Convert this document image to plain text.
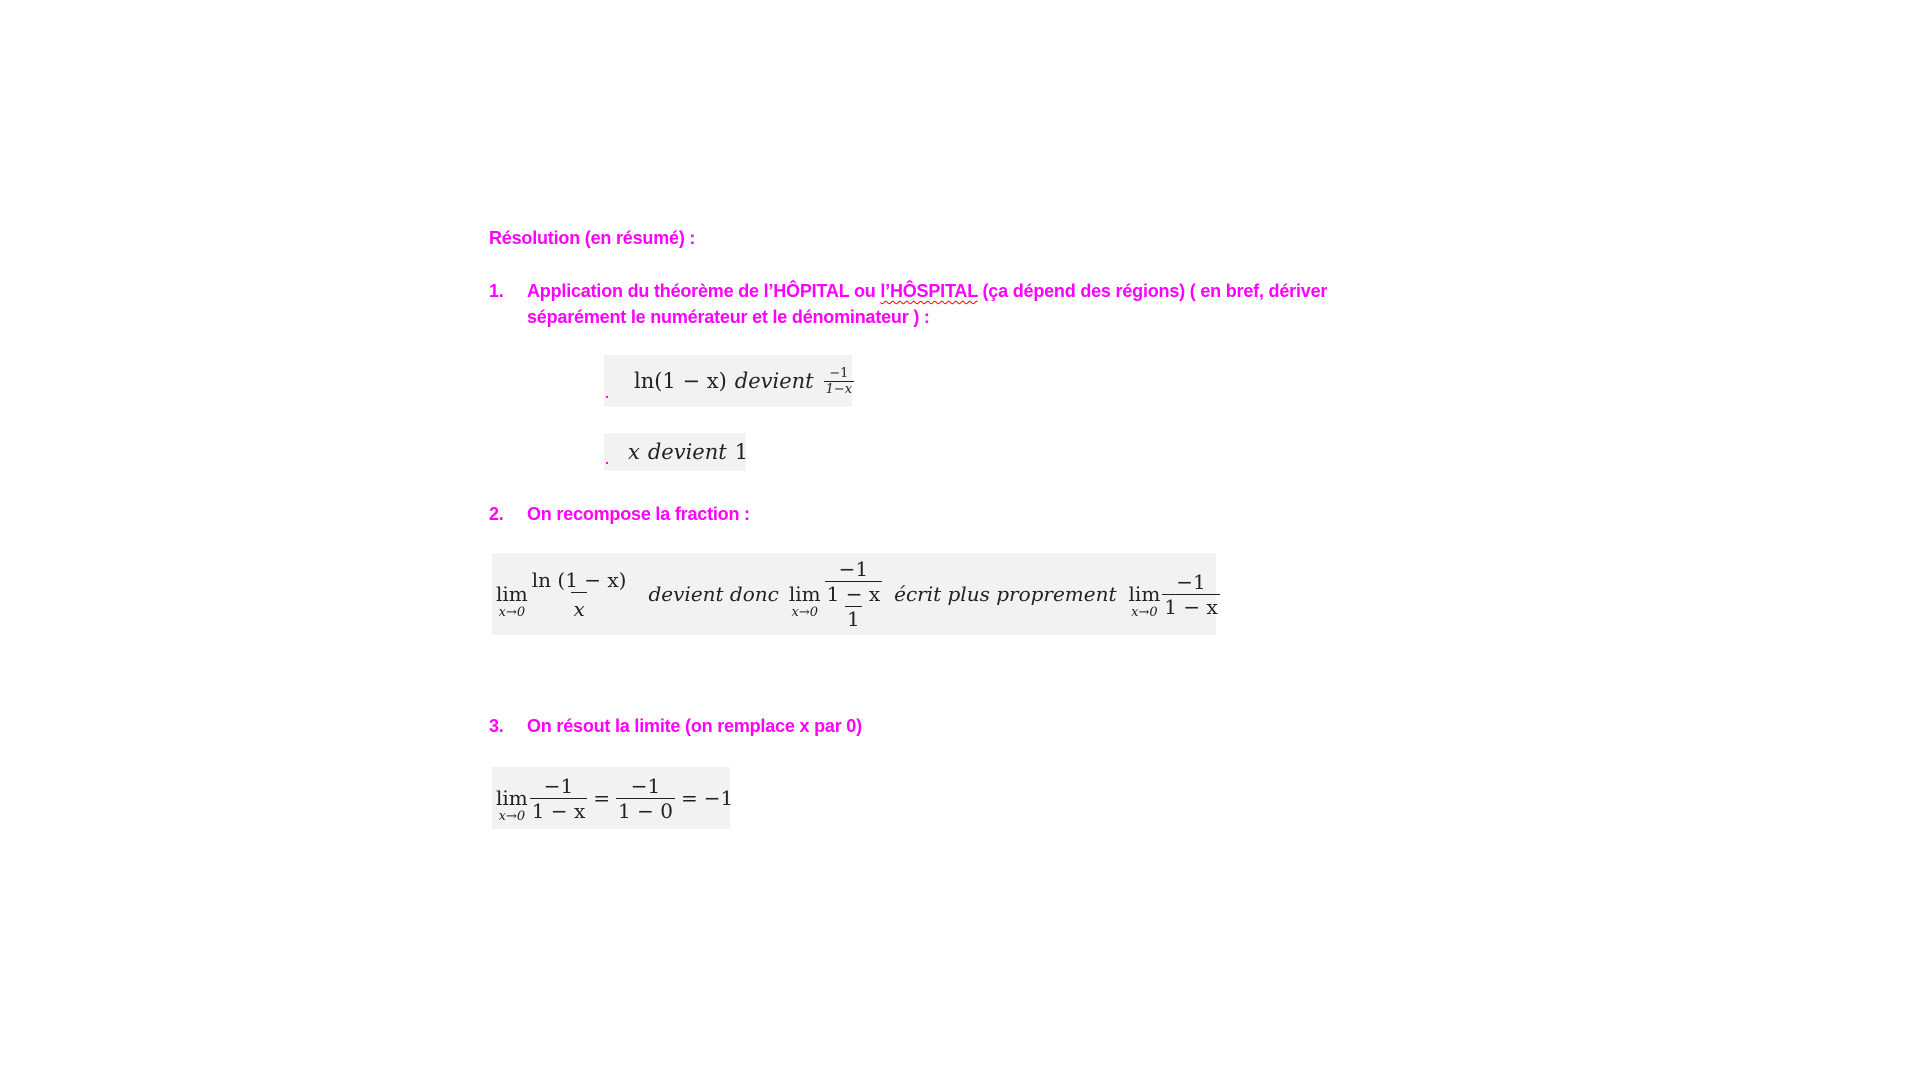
Résolution (en résumé) :
1. Application du théorème de l’HÔPITAL ou l’HÔSPITAL (ça dépend des régions) ( en bref, dériver séparément le numérateur et le dénominateur ) :
. ln(1 − x) devient $\frac{-1}{1-x}$
. x devient 1
2. On recompose la fraction :
lim
$x\to 0 \frac{\ln (1 - x)}{x}$ devient donc lim
$x\to 0 \frac{\frac{-1}{1 - x}}{1}$ écrit plus proprement lim
$x\to 0 \frac{-1}{1 - x}$
3. On résout la limite (on remplace x par 0)
lim
$x\to 0 \frac{-1}{1 - x} = \frac{-1}{1 - 0} = -1$
